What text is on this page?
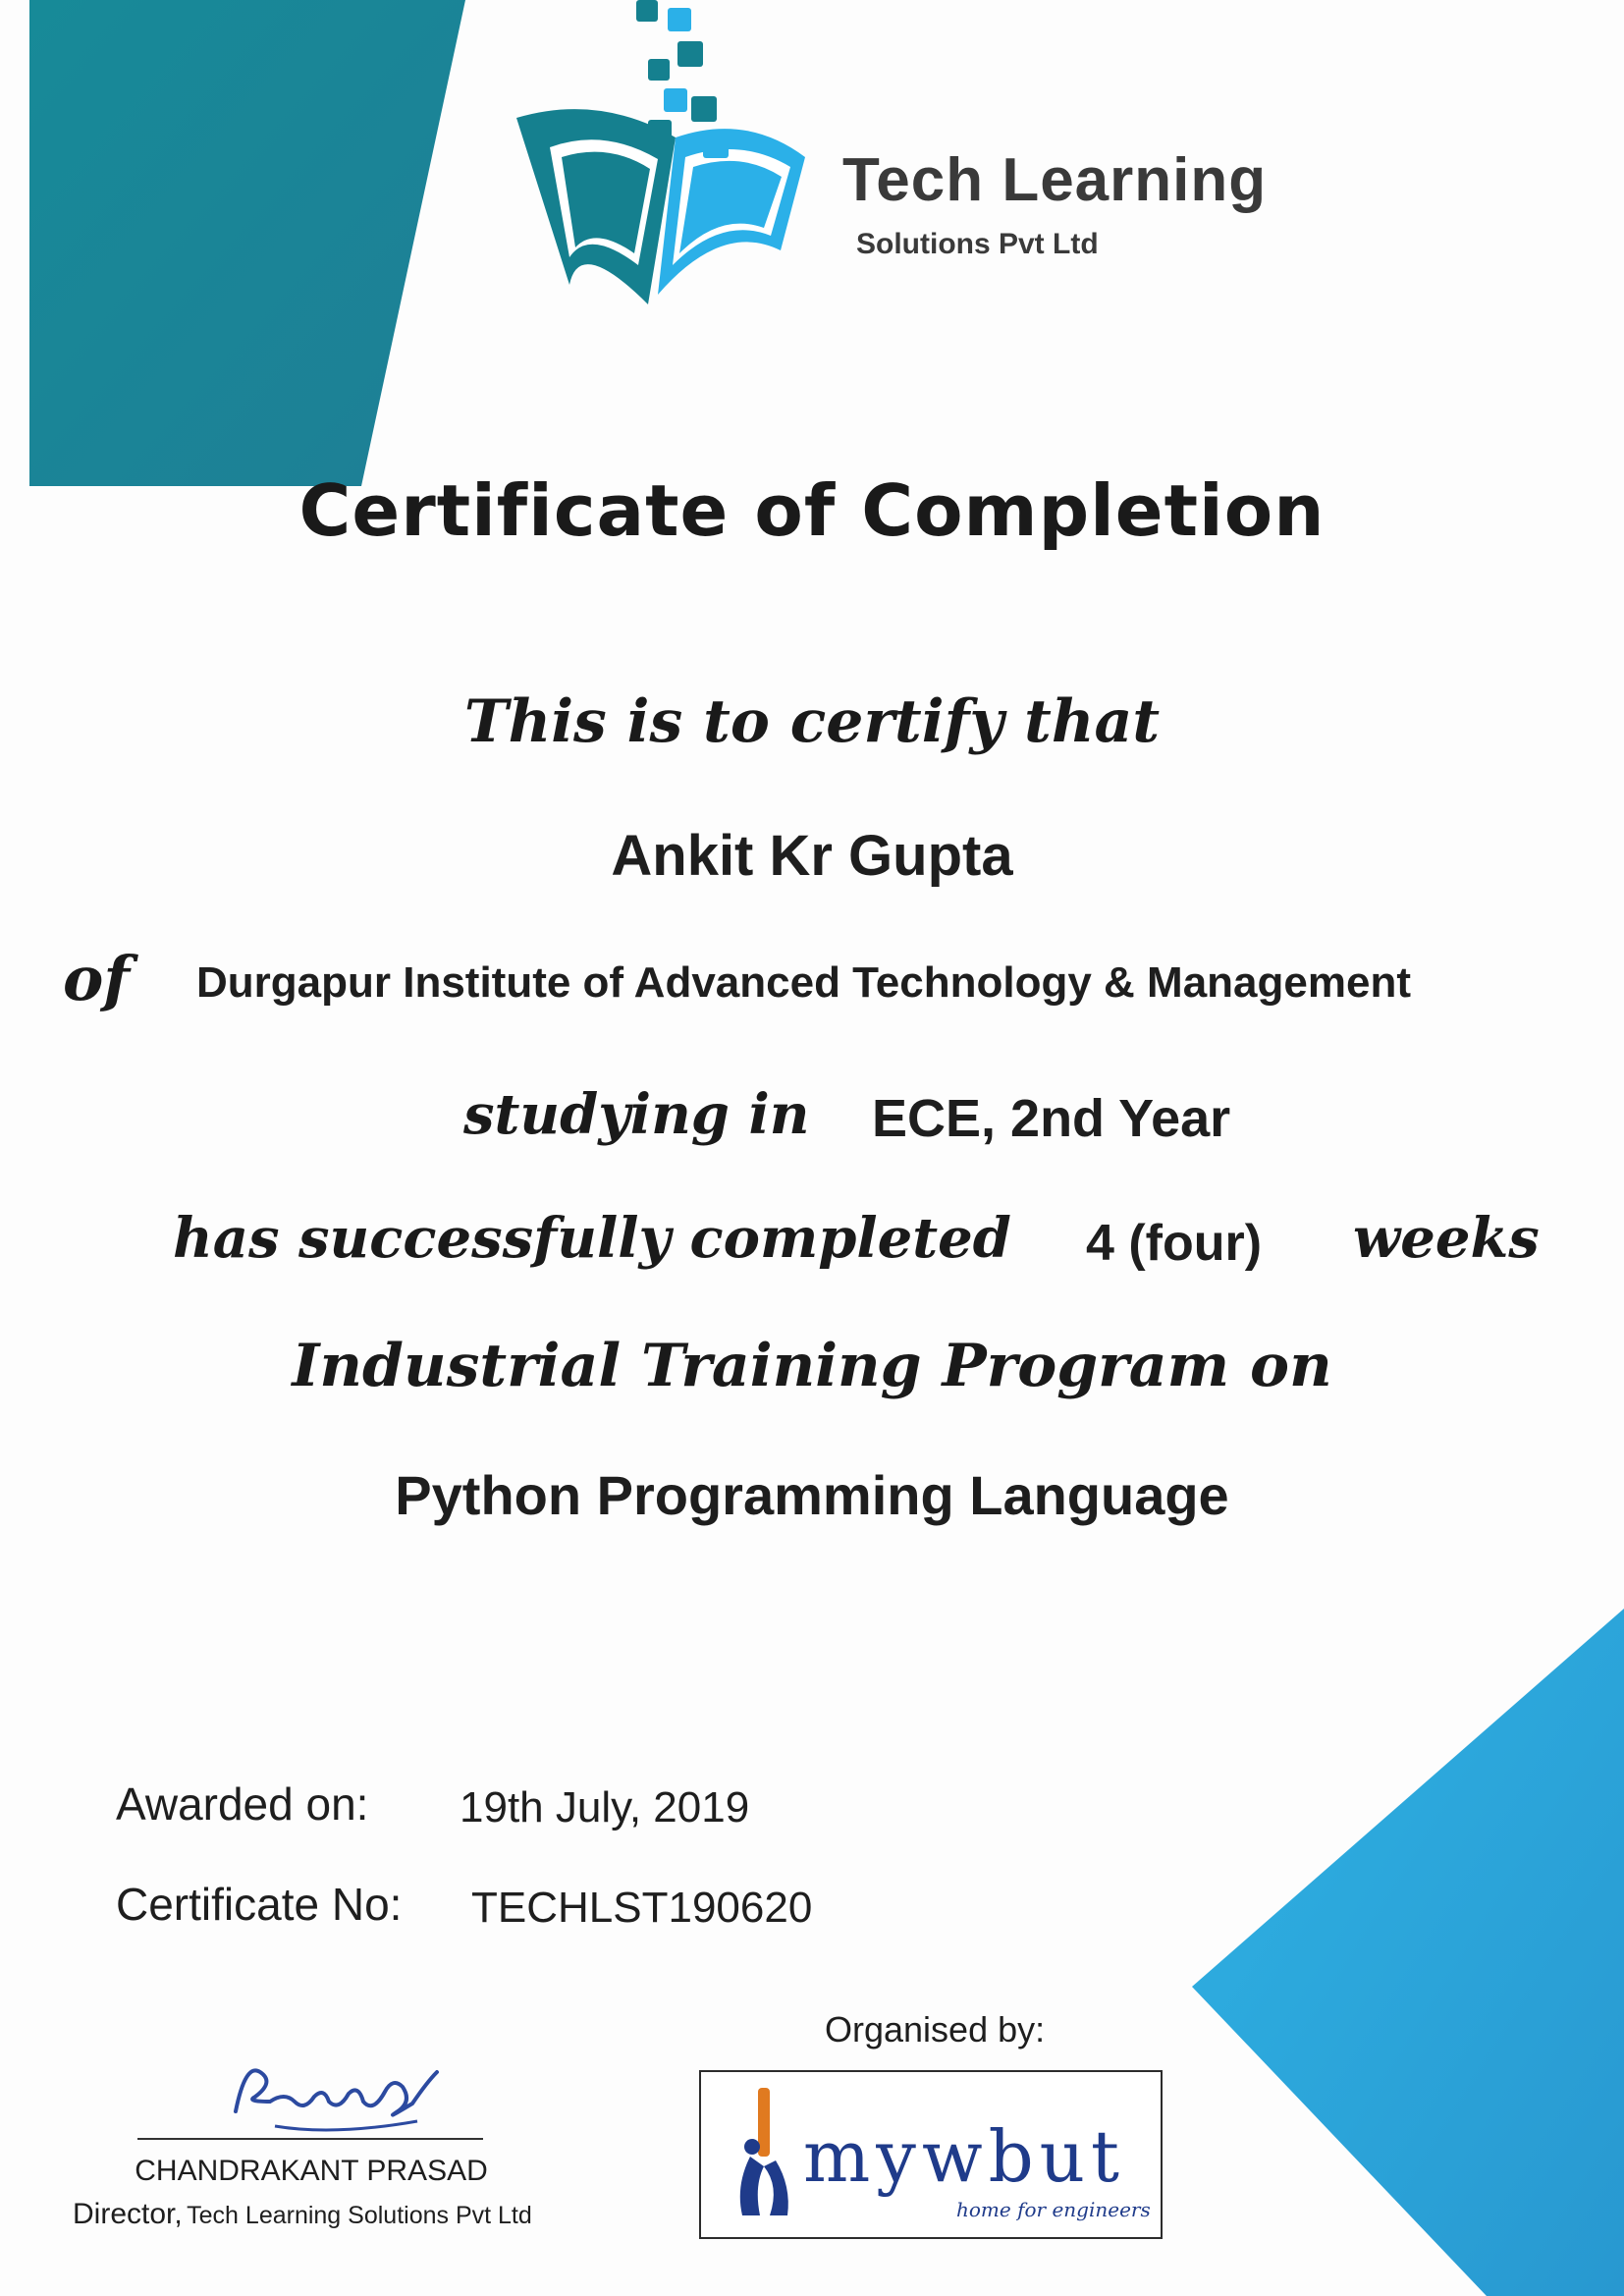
Tech Learning
Solutions Pvt Ltd
Certificate of Completion
This is to certify that
Ankit Kr Gupta
of Durgapur Institute of Advanced Technology & Management
studying in ECE, 2nd Year
has successfully completed 4 (four) weeks
Industrial Training Program on
Python Programming Language
Awarded on: 19th July, 2019
Certificate No: TECHLST190620
CHANDRAKANT PRASAD
Director, Tech Learning Solutions Pvt Ltd
Organised by:
mywbut
home for engineers
